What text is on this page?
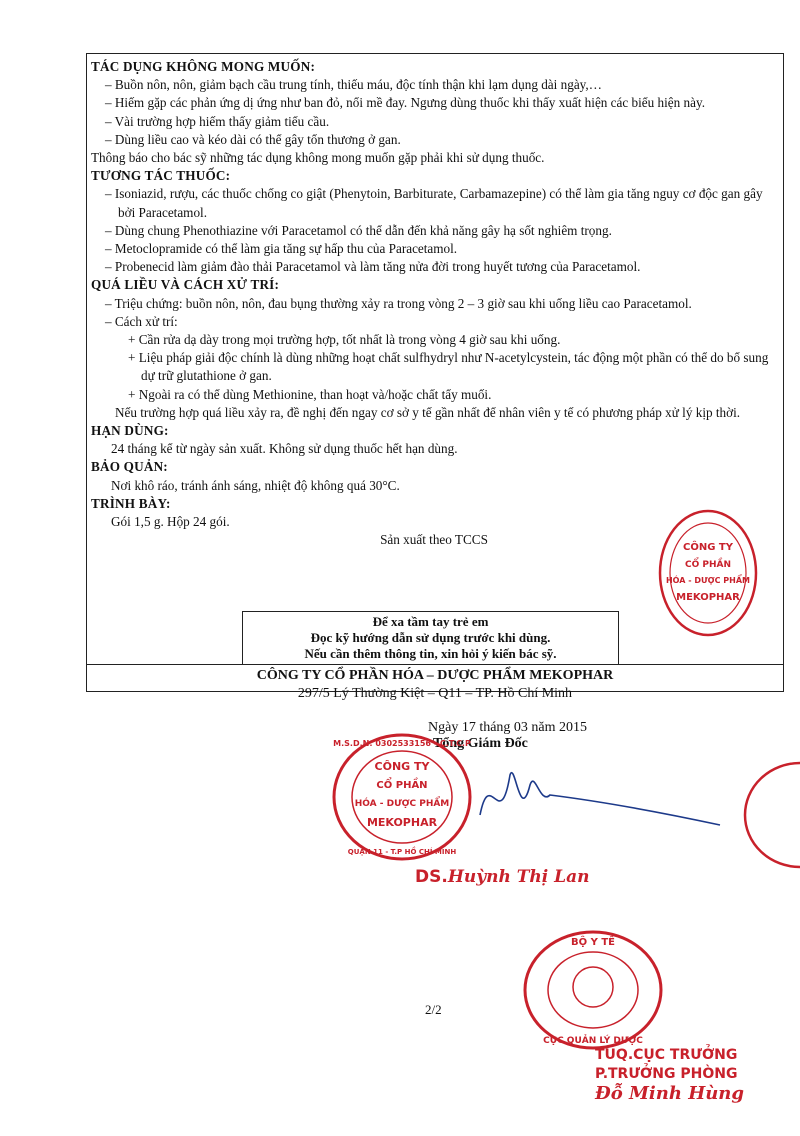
TÁC DỤNG KHÔNG MONG MUỐN:
– Buồn nôn, nôn, giảm bạch cầu trung tính, thiếu máu, độc tính thận khi lạm dụng dài ngày,…
– Hiếm gặp các phản ứng dị ứng như ban đỏ, nổi mề đay. Ngưng dùng thuốc khi thấy xuất hiện các biểu hiện này.
– Vài trường hợp hiếm thấy giảm tiểu cầu.
– Dùng liều cao và kéo dài có thể gây tổn thương ở gan.
Thông báo cho bác sỹ những tác dụng không mong muốn gặp phải khi sử dụng thuốc.
TƯƠNG TÁC THUỐC:
– Isoniazid, rượu, các thuốc chống co giật (Phenytoin, Barbiturate, Carbamazepine) có thể làm gia tăng nguy cơ độc gan gây bởi Paracetamol.
– Dùng chung Phenothiazine với Paracetamol có thể dẫn đến khả năng gây hạ sốt nghiêm trọng.
– Metoclopramide có thể làm gia tăng sự hấp thu của Paracetamol.
– Probenecid làm giảm đào thải Paracetamol và làm tăng nửa đời trong huyết tương của Paracetamol.
QUÁ LIỀU VÀ CÁCH XỬ TRÍ:
– Triệu chứng: buồn nôn, nôn, đau bụng thường xảy ra trong vòng 2 – 3 giờ sau khi uống liều cao Paracetamol.
– Cách xử trí:
+ Cần rửa dạ dày trong mọi trường hợp, tốt nhất là trong vòng 4 giờ sau khi uống.
+ Liệu pháp giải độc chính là dùng những hoạt chất sulfhydryl như N-acetylcystein, tác động một phần có thể do bổ sung dự trữ glutathione ở gan.
+ Ngoài ra có thể dùng Methionine, than hoạt và/hoặc chất tẩy muối.
Nếu trường hợp quá liều xảy ra, đề nghị đến ngay cơ sở y tế gần nhất để nhân viên y tế có phương pháp xử lý kịp thời.
HẠN DÙNG:
24 tháng kể từ ngày sản xuất. Không sử dụng thuốc hết hạn dùng.
BẢO QUẢN:
Nơi khô ráo, tránh ánh sáng, nhiệt độ không quá 30°C.
TRÌNH BÀY:
Gói 1,5 g. Hộp 24 gói.
Sản xuất theo TCCS
Để xa tầm tay trẻ em
Đọc kỹ hướng dẫn sử dụng trước khi dùng.
Nếu cần thêm thông tin, xin hỏi ý kiến bác sỹ.
CÔNG TY CỔ PHẦN HÓA – DƯỢC PHẨM MEKOPHAR
297/5 Lý Thường Kiệt – Q11 – TP. Hồ Chí Minh
CÔNG TY
CỔ PHẦN
HÓA - DƯỢC PHẨM
MEKOPHAR
Ngày 17 tháng 03 năm 2015
Tổng Giám Đốc
M.S.D.N: 0302533156 - C.T.C.P
CÔNG TY
CỔ PHẦN
HÓA - DƯỢC PHẨM
MEKOPHAR
QUẬN 11 - T.P HỒ CHÍ MINH
DS.Huỳnh Thị Lan
BỘ Y TẾ
CỤC QUẢN LÝ DƯỢC
2/2
TUQ.CỤC TRƯỞNG
P.TRƯỞNG PHÒNG
Đỗ Minh Hùng
